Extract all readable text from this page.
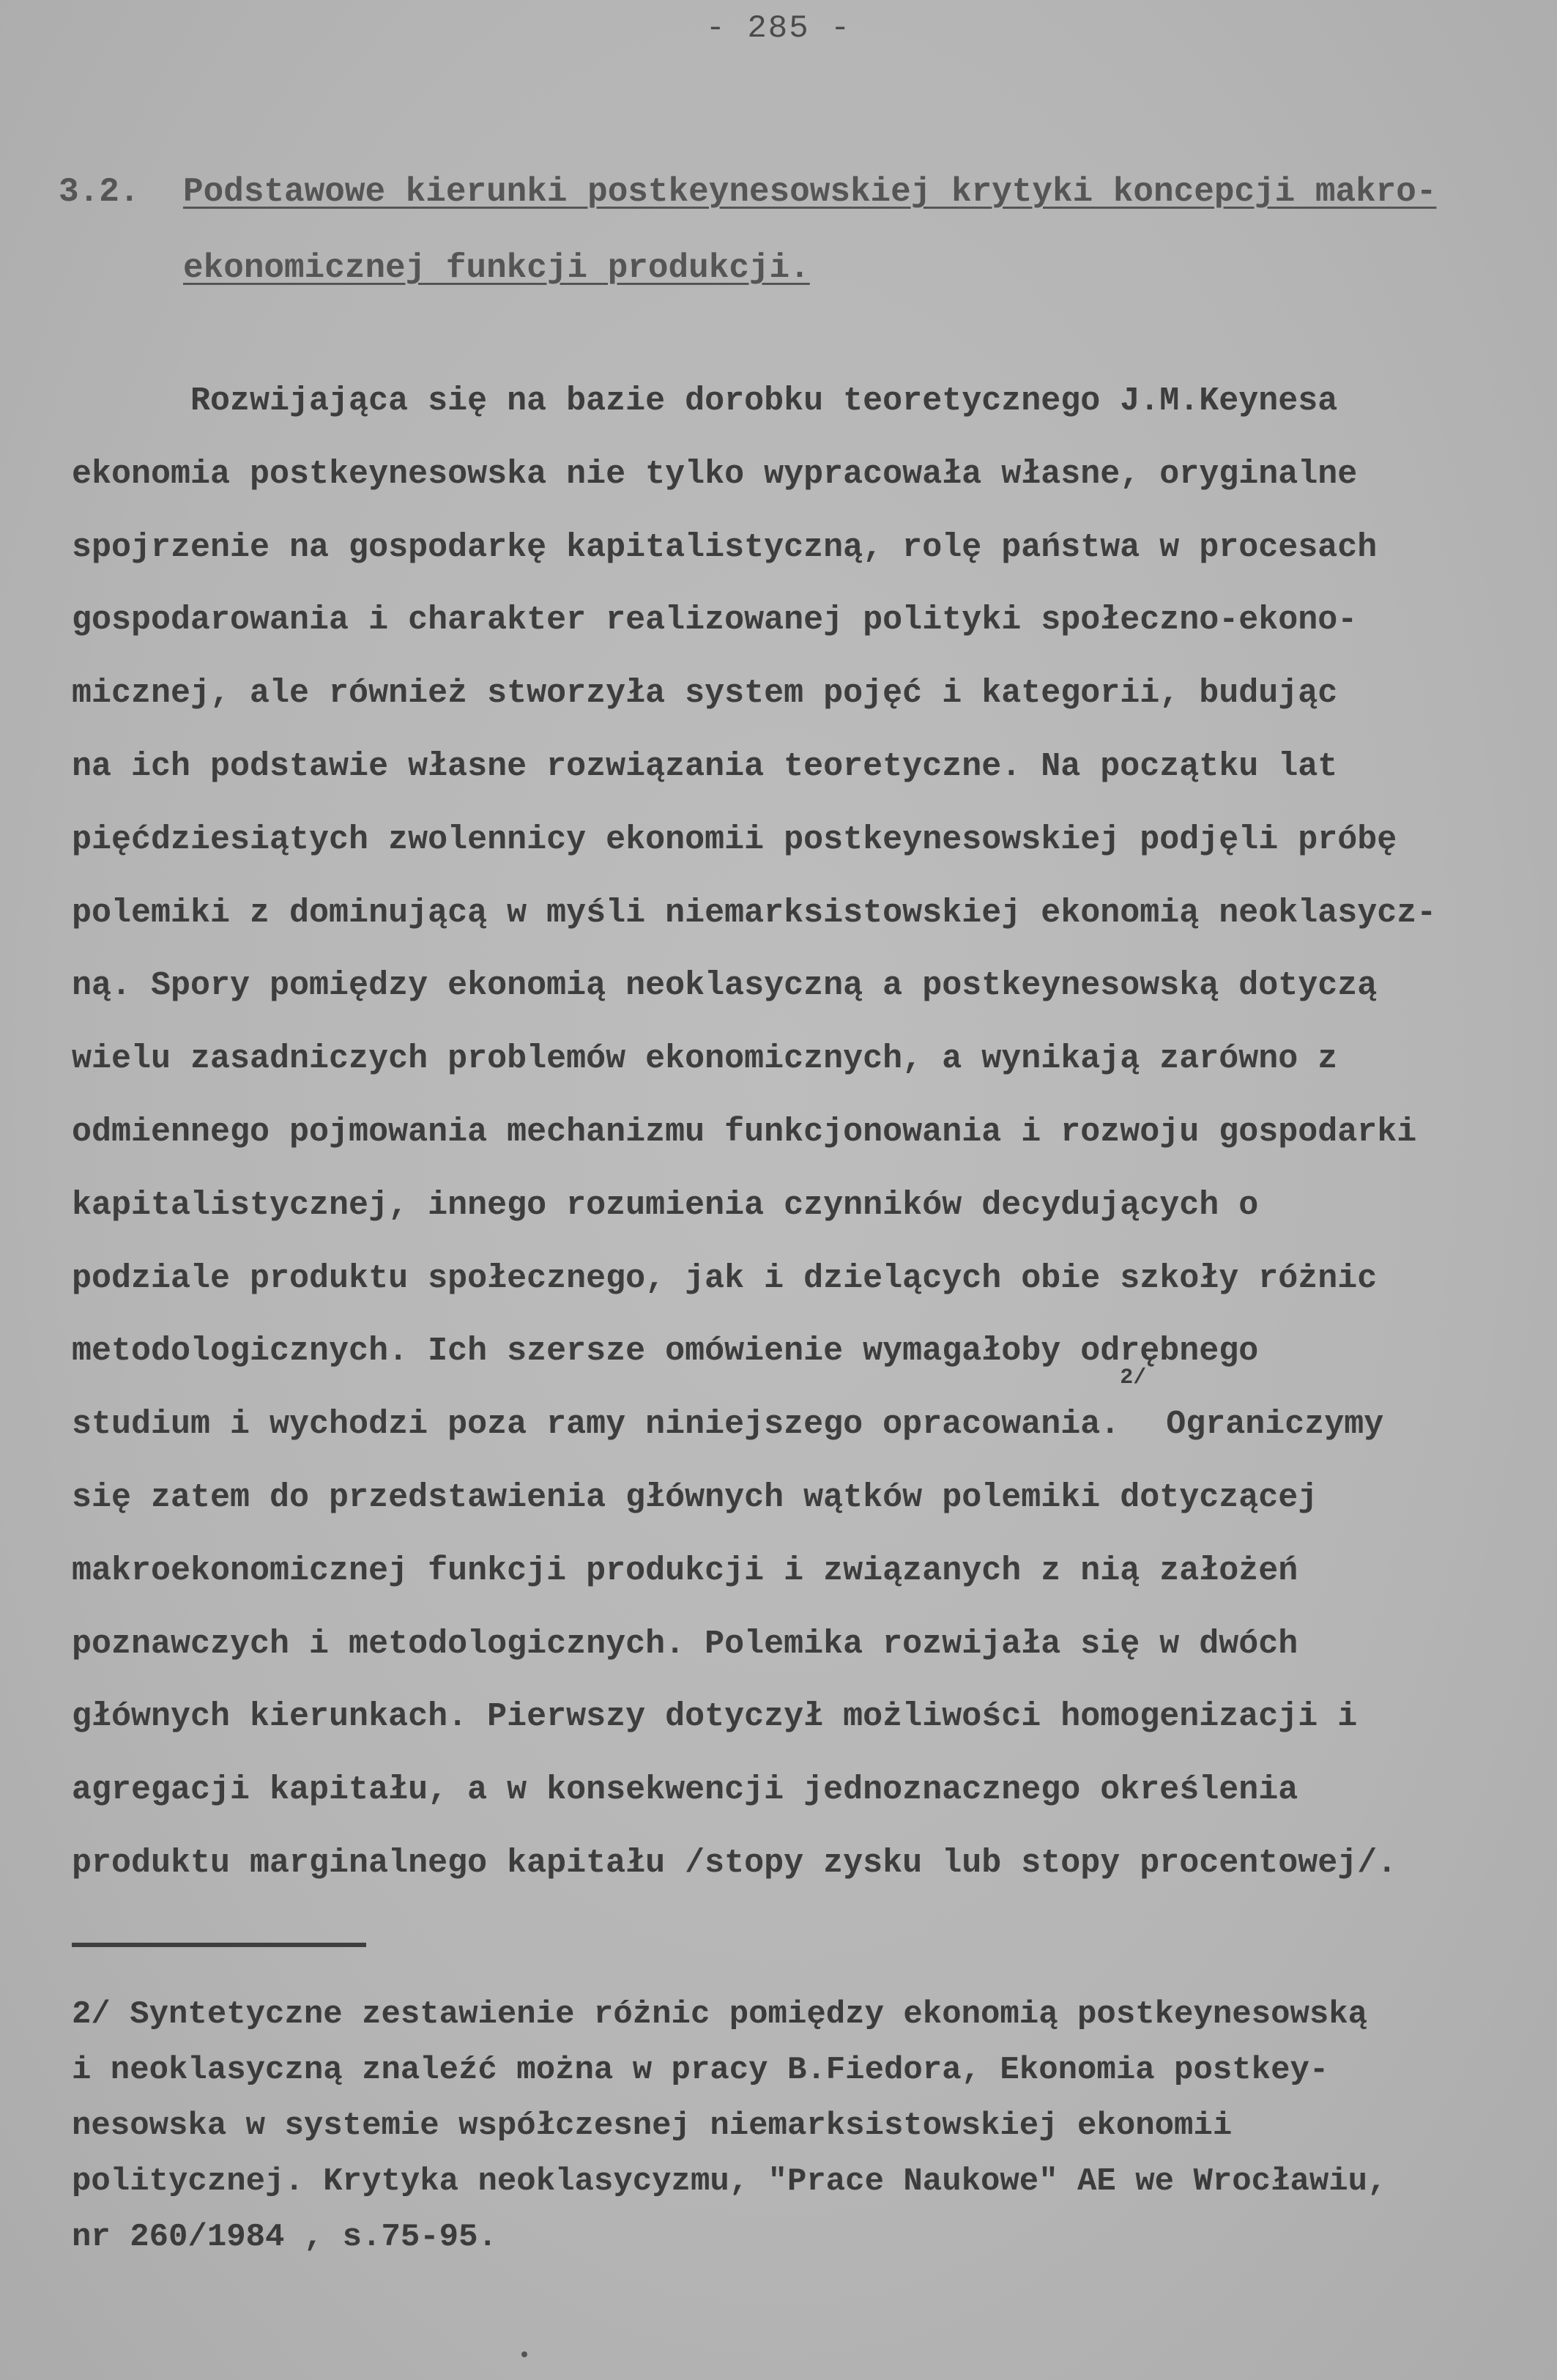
- 285 -
3.2. Podstawowe kierunki postkeynesowskiej krytyki koncepcji makro-
ekonomicznej funkcji produkcji.
Rozwijająca się na bazie dorobku teoretycznego J.M.Keynesa
ekonomia postkeynesowska nie tylko wypracowała własne, oryginalne
spojrzenie na gospodarkę kapitalistyczną, rolę państwa w procesach
gospodarowania i charakter realizowanej polityki społeczno-ekono-
micznej, ale również stworzyła system pojęć i kategorii, budując
na ich podstawie własne rozwiązania teoretyczne. Na początku lat
pięćdziesiątych zwolennicy ekonomii postkeynesowskiej podjęli próbę
polemiki z dominującą w myśli niemarksistowskiej ekonomią neoklasycz-
ną. Spory pomiędzy ekonomią neoklasyczną a postkeynesowską dotyczą
wielu zasadniczych problemów ekonomicznych, a wynikają zarówno z
odmiennego pojmowania mechanizmu funkcjonowania i rozwoju gospodarki
kapitalistycznej, innego rozumienia czynników decydujących o
podziale produktu społecznego, jak i dzielących obie szkoły różnic
metodologicznych. Ich szersze omówienie wymagałoby odrębnego
studium i wychodzi poza ramy niniejszego opracowania.$^{2/}$ Ograniczymy
się zatem do przedstawienia głównych wątków polemiki dotyczącej
makroekonomicznej funkcji produkcji i związanych z nią założeń
poznawczych i metodologicznych. Polemika rozwijała się w dwóch
głównych kierunkach. Pierwszy dotyczył możliwości homogenizacji i
agregacji kapitału, a w konsekwencji jednoznacznego określenia
produktu marginalnego kapitału /stopy zysku lub stopy procentowej/.
2/ Syntetyczne zestawienie różnic pomiędzy ekonomią postkeynesowską
i neoklasyczną znaleźć można w pracy B.Fiedora, Ekonomia postkey-
nesowska w systemie współczesnej niemarksistowskiej ekonomii
politycznej. Krytyka neoklasycyzmu, "Prace Naukowe" AE we Wrocławiu,
nr 260/1984 , s.75-95.
